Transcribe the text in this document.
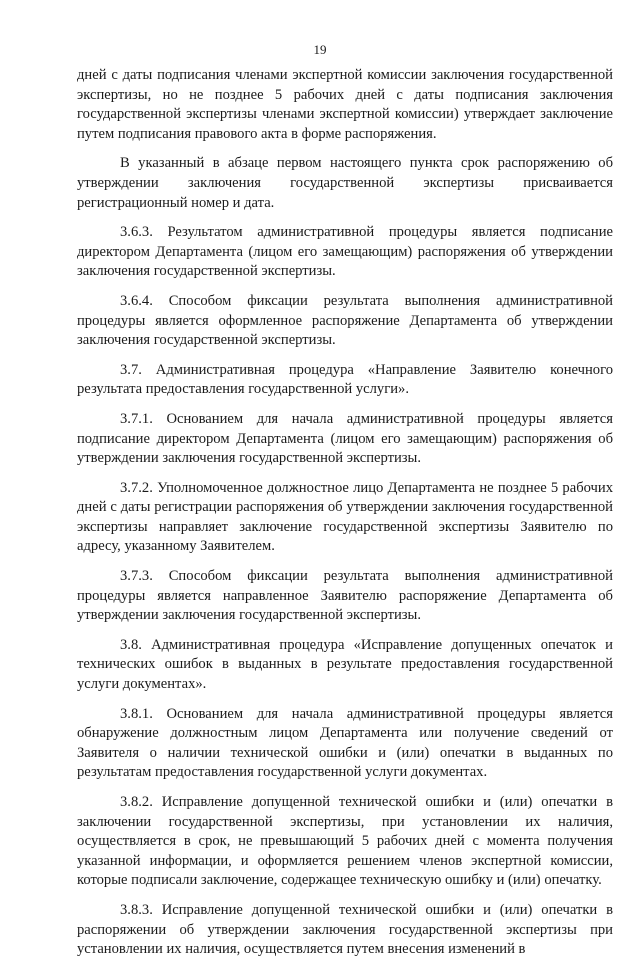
19

дней с даты подписания членами экспертной комиссии заключения государственной экспертизы, но не позднее 5 рабочих дней с даты подписания заключения государственной экспертизы членами экспертной комиссии) утверждает заключение путем подписания правового акта в форме распоряжения.

В указанный в абзаце первом настоящего пункта срок распоряжению об утверждении заключения государственной экспертизы присваивается регистрационный номер и дата.

3.6.3. Результатом административной процедуры является подписание директором Департамента (лицом его замещающим) распоряжения об утверждении заключения государственной экспертизы.

3.6.4. Способом фиксации результата выполнения административной процедуры является оформленное распоряжение Департамента об утверждении заключения государственной экспертизы.

3.7. Административная процедура «Направление Заявителю конечного результата предоставления государственной услуги».

3.7.1. Основанием для начала административной процедуры является подписание директором Департамента (лицом его замещающим) распоряжения об утверждении заключения государственной экспертизы.

3.7.2. Уполномоченное должностное лицо Департамента не позднее 5 рабочих дней с даты регистрации распоряжения об утверждении заключения государственной экспертизы направляет заключение государственной экспертизы Заявителю по адресу, указанному Заявителем.

3.7.3. Способом фиксации результата выполнения административной процедуры является направленное Заявителю распоряжение Департамента об утверждении заключения государственной экспертизы.

3.8. Административная процедура «Исправление допущенных опечаток и технических ошибок в выданных в результате предоставления государственной услуги документах».

3.8.1. Основанием для начала административной процедуры является обнаружение должностным лицом Департамента или получение сведений от Заявителя о наличии технической ошибки и (или) опечатки в выданных по результатам предоставления государственной услуги документах.

3.8.2. Исправление допущенной технической ошибки и (или) опечатки в заключении государственной экспертизы, при установлении их наличия, осуществляется в срок, не превышающий 5 рабочих дней с момента получения указанной информации, и оформляется решением членов экспертной комиссии, которые подписали заключение, содержащее техническую ошибку и (или) опечатку.

3.8.3. Исправление допущенной технической ошибки и (или) опечатки в распоряжении об утверждении заключения государственной экспертизы при установлении их наличия, осуществляется путем внесения изменений в
